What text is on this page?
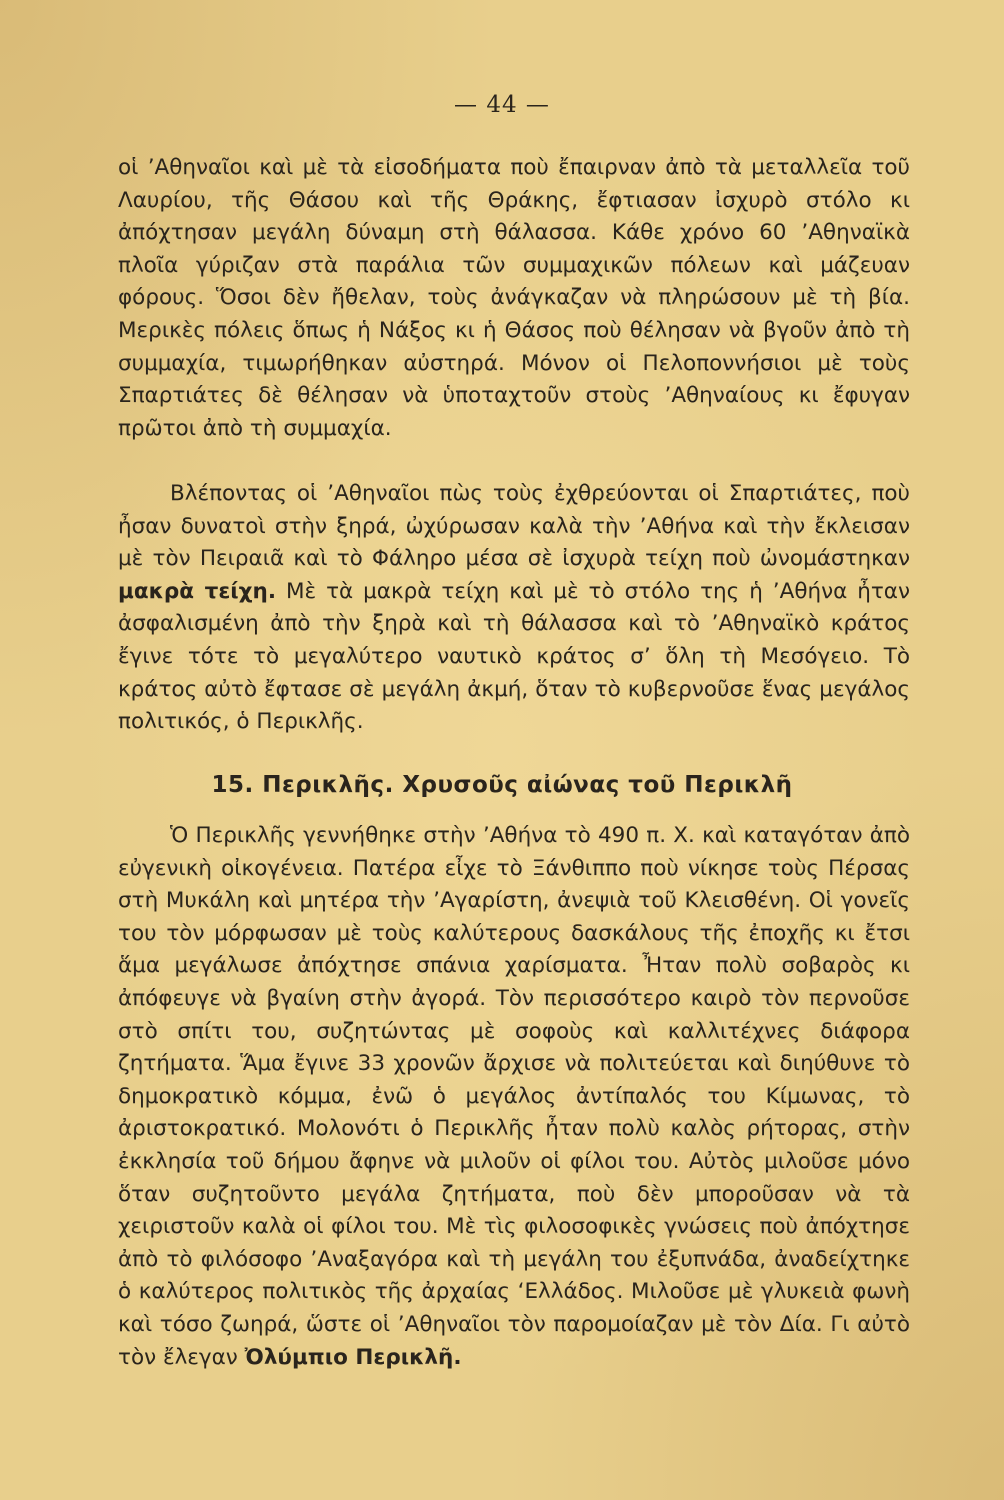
— 44 —
οἱ ’Αθηναῖοι καὶ μὲ τὰ εἰσοδήματα ποὺ ἔπαιρναν ἀπὸ τὰ μεταλλεῖα τοῦ Λαυρίου, τῆς Θάσου καὶ τῆς Θράκης, ἔφτιασαν ἰσχυρὸ στόλο κι ἀπόχτησαν μεγάλη δύναμη στὴ θάλασσα. Κάθε χρόνο 60 ’Αθηναϊκὰ πλοῖα γύριζαν στὰ παράλια τῶν συμμαχικῶν πόλεων καὶ μάζευαν φόρους. Ὅσοι δὲν ἤθελαν, τοὺς ἀνάγκαζαν νὰ πληρώσουν μὲ τὴ βία. Μερικὲς πόλεις ὅπως ἡ Νάξος κι ἡ Θάσος ποὺ θέλησαν νὰ βγοῦν ἀπὸ τὴ συμμαχία, τιμωρήθηκαν αὐστηρά. Μόνον οἱ Πελοποννήσιοι μὲ τοὺς Σπαρτιάτες δὲ θέλησαν νὰ ὑποταχτοῦν στοὺς ’Αθηναίους κι ἔφυγαν πρῶτοι ἀπὸ τὴ συμμαχία.
Βλέποντας οἱ ’Αθηναῖοι πὼς τοὺς ἐχθρεύονται οἱ Σπαρτιάτες, ποὺ ἦσαν δυνατοὶ στὴν ξηρά, ὠχύρωσαν καλὰ τὴν ’Αθήνα καὶ τὴν ἔκλεισαν μὲ τὸν Πειραιᾶ καὶ τὸ Φάληρο μέσα σὲ ἰσχυρὰ τείχη ποὺ ὠνομάστηκαν μακρὰ τείχη. Μὲ τὰ μακρὰ τείχη καὶ μὲ τὸ στόλο της ἡ ’Αθήνα ἦταν ἀσφαλισμένη ἀπὸ τὴν ξηρὰ καὶ τὴ θάλασσα καὶ τὸ ’Αθηναϊκὸ κράτος ἔγινε τότε τὸ μεγαλύτερο ναυτικὸ κράτος σ’ ὅλη τὴ Μεσόγειο. Τὸ κράτος αὐτὸ ἔφτασε σὲ μεγάλη ἀκμή, ὅταν τὸ κυβερνοῦσε ἕνας μεγάλος πολιτικός, ὁ Περικλῆς.
15. Περικλῆς. Χρυσοῦς αἰώνας τοῦ Περικλῆ
Ὁ Περικλῆς γεννήθηκε στὴν ’Αθήνα τὸ 490 π. Χ. καὶ καταγόταν ἀπὸ εὐγενικὴ οἰκογένεια. Πατέρα εἶχε τὸ Ξάνθιππο ποὺ νίκησε τοὺς Πέρσας στὴ Μυκάλη καὶ μητέρα τὴν ’Αγαρίστη, ἀνεψιὰ τοῦ Κλεισθένη. Οἱ γονεῖς του τὸν μόρφωσαν μὲ τοὺς καλύτερους δασκάλους τῆς ἐποχῆς κι ἔτσι ἅμα μεγάλωσε ἀπόχτησε σπάνια χαρίσματα. Ἦταν πολὺ σοβαρὸς κι ἀπόφευγε νὰ βγαίνη στὴν ἀγορά. Τὸν περισσότερο καιρὸ τὸν περνοῦσε στὸ σπίτι του, συζητώντας μὲ σοφοὺς καὶ καλλιτέχνες διάφορα ζητήματα. Ἅμα ἔγινε 33 χρονῶν ἄρχισε νὰ πολιτεύεται καὶ διηύθυνε τὸ δημοκρατικὸ κόμμα, ἐνῶ ὁ μεγάλος ἀντίπαλός του Κίμωνας, τὸ ἀριστοκρατικό. Μολονότι ὁ Περικλῆς ἦταν πολὺ καλὸς ρήτορας, στὴν ἐκκλησία τοῦ δήμου ἄφηνε νὰ μιλοῦν οἱ φίλοι του. Αὐτὸς μιλοῦσε μόνο ὅταν συζητοῦντο μεγάλα ζητήματα, ποὺ δὲν μποροῦσαν νὰ τὰ χειριστοῦν καλὰ οἱ φίλοι του. Μὲ τὶς φιλοσοφικὲς γνώσεις ποὺ ἀπόχτησε ἀπὸ τὸ φιλόσοφο ’Αναξαγόρα καὶ τὴ μεγάλη του ἐξυπνάδα, ἀναδείχτηκε ὁ καλύτερος πολιτικὸς τῆς ἀρχαίας ‘Ελλάδος. Μιλοῦσε μὲ γλυκειὰ φωνὴ καὶ τόσο ζωηρά, ὥστε οἱ ’Αθηναῖοι τὸν παρομοίαζαν μὲ τὸν Δία. Γι αὐτὸ τὸν ἔλεγαν Ὀλύμπιο Περικλῆ.
